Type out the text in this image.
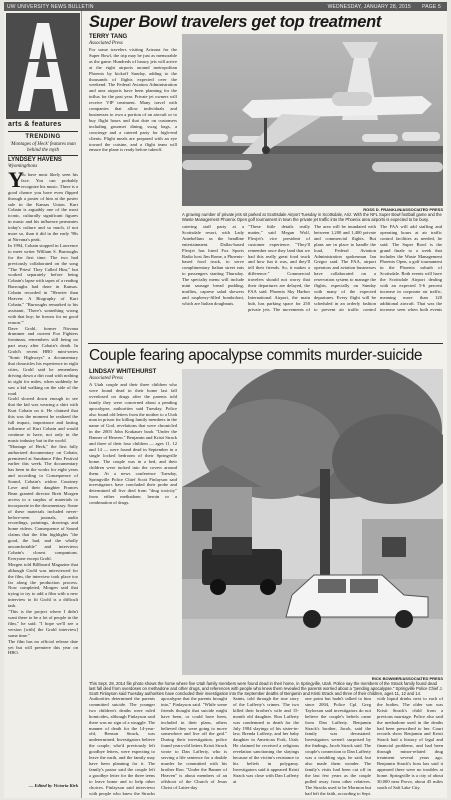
UW UNIVERSITY NEWS BULLETIN	WEDNESDAY, JANUARY 28, 2015 PAGE 5
arts & features
TRENDING
'Montages of Heck' features man behind the myth
LYNDSEY HAVENS
Wyomingthons
Y

ou have most likely seen his face. You can probably recognize his music. There is a good chance you have even flipped through a poster of him at the poster sale in the Kansas Union. Kurt Cobain is arguably one of the most iconic, culturally significant figures in music and his influence permeates today's culture and so much, if not more so, than it did in the early '90s at Nirvana's peak.

In 1994, Cobain stopped in Lawrence to meet writer William S. Burroughs for the first time. The two had previously collaborated on the song "The 'Priest' They Called Him," but worked separately before being Cobain's lapse with tapes of a reading Burroughs had done in Kansas. Cobain recorded in "Heavier than Heaven: A Biography of Kurt Cobain," "Burroughs remarked to his assistant, 'There's something wrong with that boy; he frowns for no good reason.'"

Dave Grohl, former Nirvana drummer and current Foo Fighters frontman, remembers still being no part away after Cobain's death. In Grohl's recent HBO mini-series "Sonic Highways" a documentary that chronicles his experience in eight cities, Grohl said he remembers driving down a dirt road with nothing in sight for miles, when suddenly he saw a kid walking on the side of the road.

Grohl slowed down enough to see that the kid was wearing a shirt with Kurt Cobain on it. He claimed that this was the moment he realized the full impact, importance and lasting influence of Kurt Cobain and would continue to have, not only in the music industry but in the world.

"Montage of Heck," the first fully authorized documentary on Cobain, premiered at Sundance Film Festival earlier this week. The documentary has been in the works for eight years and according to Consequence of Sound, Cobain's widow Courtney Love and their daughter Frances Bean granted director Brett Morgen access to a surplus of materials to incorporate in the documentary. Some of these materials included never-before-seen journals, audio recordings, paintings, drawings and home videos. Consequence of Sound claims that the film highlights "the good, the bad, and the wholly uncomfortable" and interviews Cobain's closest companions. Everyone except Grohl.

Morgen told Billboard Magazine that although Grohl was interviewed for the film, the interview took place too far along the production process. Now completed, Morgen said that trying to try to add a film with a new interview to fit Grohl is a difficult task.

"This is the project where I didn't want there to be a lot of people in the film," he said. "I hope we'll see a version [with] the Grohl interview] some time."

The film has no official release date yet but will premiere this year on HBO.

— Edited by Victoria Kirk
Super Bowl travelers get top treatment
TERRY TANG
Associated Press
For some travelers visiting Arizona for the Super Bowl, the trip may be just as memorable as the game. Hundreds of luxury jets will arrive at the eight airports around metropolitan Phoenix by kickoff Sunday, adding to the thousands of flights expected over the weekend. The Federal Aviation Administration and area airports have been planning for the influx for the past year. Private jet owners will receive VIP treatment. Many travel with companies that allow individuals and businesses to own a portion of an aircraft or to buy flight hours and that dote on customers including gourmet dining, swag bags, a concierge and a catered party for high-end clients. Flight meals are prepared with an eye toward the cuisine, and a flight team will ensure the plane is ready before takeoff.
ROSS D. FRANKLIN/ASSOCIATED PRESS
A growing number of private jets sit parked at Scottsdale Airport Tuesday in Scottsdale, Ariz. With the NFL Super Bowl football game and the Waste Management Phoenix Open golf tournament in town the private jet traffic into the Phoenix area airports is expected to be busy.
catering staff party at a Scottsdale resort, with Lady Antebellum as the headline entertainment. Dallas-based Flexjet has hired Fox Sports Radio host Jim Rome, a Phoenix-based food truck, to serve complimentary Italian street eats to passengers starting Thursday. The specialty menu will include mini sausage bread pudding, muffins, caprese salad skewers and raspberry-filled bomboloni, which are Italian doughnuts.
"These little details really matter," said Megan Wolf, Flexjet's vice president of customer experience. "They'll remember once they land that we had this really great food truck and how fun it was, and they'll tell their friends. So, it makes a difference." Commercial travelers should not worry that their departures are delayed, the FAA said. Phoenix Sky Harbor International Airport, the main hub, has parking space for 250 private jets. The movements of
The area will be inundated with between 1,200 and 1,400 private and commercial flights. But plans are in place to handle the load, Federal Aviation Administration spokesman Ian Gregor said. The FAA, airport operators and aviation businesses have collaborated on a reservation system to manage the flights, especially on Sunday with many of the expected departures. Every flight will be scheduled in an orderly fashion to prevent air traffic control
The FAA will add staffing and operating hours at air traffic control facilities as needed, he said. The Super Bowl is the grand finale to a week that includes the Waste Management Phoenix Open, a golf tournament in the Phoenix suburb of Scottsdale. Both events will have the Scottsdale Airport dealing with an expected 5-6 percent increase in corporate air traffic, meaning more than 120 additional aircraft. That was the increase seen when both events
Couple fearing apocalypse commits murder-suicide
LINDSAY WHITEHURST
Associated Press
A Utah couple and their three children who were found dead in their home last fall overdosed on drugs after the parents told family they were concerned about a pending apocalypse, authorities said Tuesday. Police also found old letters from the mother to a Utah man in prison for killing family members in the name of God, revelations that were chronicled in the 2003 John Krakauer book "Under the Banner of Heaven." Benjamin and Kristi Strack and three of their four children — ages 11, 12 and 14 — were found dead in September in a single locked bedroom of their Springville home. The couple was in a bed, and their children were tucked into the covers around them. At a news conference Tuesday, Springville Police Chief Scott Finlayson said investigators have concluded their probe and determined all five died from "drug toxicity" from either methadone, heroin or a combination of drugs.
RICK BOWMER/ASSOCIATED PRESS
This Sept. 28, 2014 file photo shows the home where five Utah family members were found dead in their home, in Springville, Utah. Police say the members of the Strack family found dead last fall died from overdoses on methadone and other drugs, and references with people who knew them revealed the parents worried about a "pending apocalypse." Springville Police Chief J. Scott Finlayson said Tuesday authorities have concluded their investigation into the September deaths of Benjamin and Kristi Strack and three of their children, ages 11, 12 and 14.
Authorities determined the parents committed suicide. The younger two children's deaths were ruled homicides, although Finlayson said there was no sign of a struggle. The manner of death for the 14-year-old, Benson Strack, was undetermined. Investigators believe the couple, who'd previously left goodbye letters, were expecting to leave the earth, and the family may have been planning for it. The family's pastor said the couple left a goodbye letter for the three teens to leave home and to help other choices. Finlayson said interviews with people who knew the Stracks
apocalypse that the parents brought into," Finlayson said. "While some friends thought that suicide might have been, or could have been, included in their plans, others believed they were going to move somewhere and live off the grid." During their investigation, police found years-old letters Kristi Strack wrote to Dan Lafferty, who is serving a life sentence for a double murder he committed with his brother Ron. "Under the Banner of Heaven" is about members of an offshoot of the Church of Jesus Christ of Latter-day
Saints, told through the true story of the Lafferty's crimes. The two killed their brother's wife and 15-month old daughter. Ron Lafferty was condemned to death for the July 1984 slayings of his sister-in-law, Brenda Lafferty, and her baby daughter in American Fork, Utah. He claimed he received a religious revelation sanctioning the slayings because of the victim's resistance to his beliefs in polygamy. Investigators said it appeared Kristi Strack was close with Dan Lafferty at
one point but hadn't talked to him since 2004, Police Cpl. Greg Taylorson said investigators do not believe the couple's beliefs came from Dan Lafferty. Benjamin Strack's brother, Jacob, said the family was devastated. Investigators weren't surprised by the findings, Jacob Strack said. The couple's connection to Dan Lafferty was a troubling sign, he said, but also made them wonder. The family's visits had been cut off in the last few years as the couple pulled away from other relatives. The Stracks used to be Mormon but had left the faith, according to Sept.
with liquid drinks next to each of the bodies. The older son was Kristi Strack's child from a previous marriage. Police also said the methadone used in the deaths had been prescribed to her. Court records show Benjamin and Kristi Strack had a history of legal and financial problems, and had been through minor-related drug treatment several years ago. Benjamin Strack's boss has said it appeared there were no troubles at home. Springville is a city of about 30,000 near Provo, about 45 miles south of Salt Lake City.
